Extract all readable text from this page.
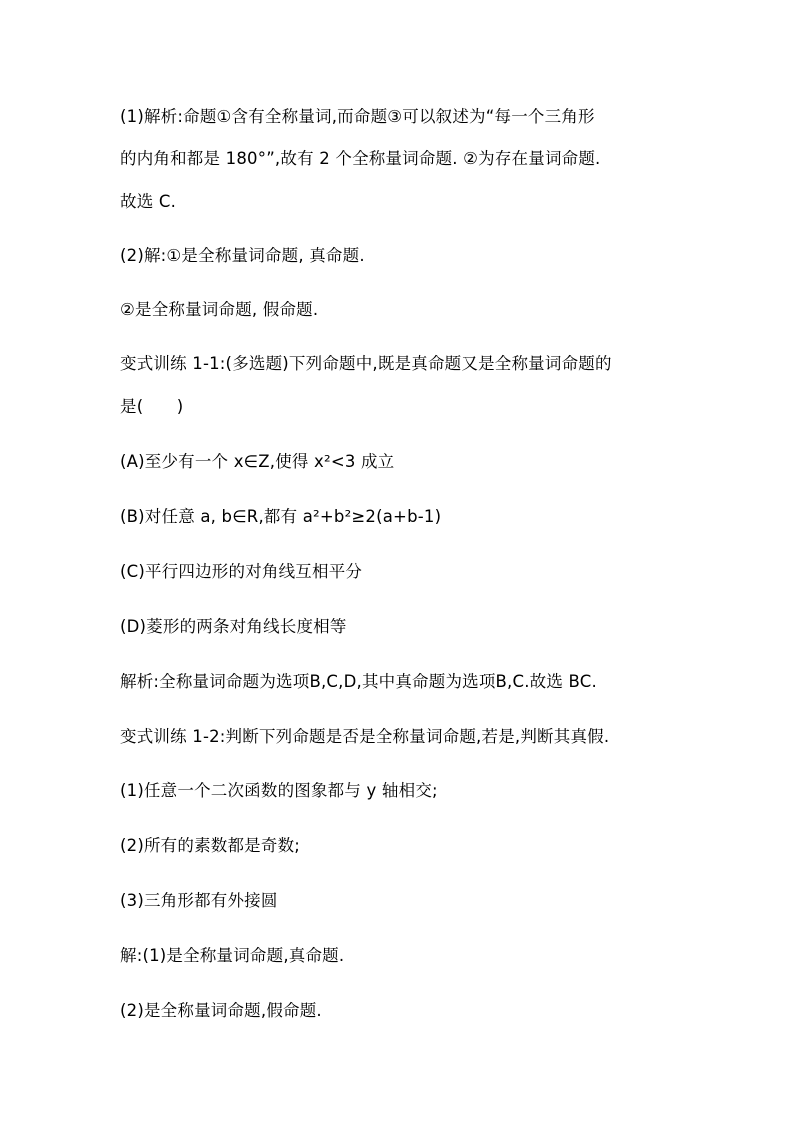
(1)解析:命题①含有全称量词,而命题③可以叙述为“每一个三角形
的内角和都是 180°”,故有 2 个全称量词命题. ②为存在量词命题.
故选 C.
(2)解:①是全称量词命题, 真命题.
②是全称量词命题, 假命题.
变式训练 1-1:(多选题)下列命题中,既是真命题又是全称量词命题的
是(　　)
(A)至少有一个 x∈Z,使得 x²<3 成立
(B)对任意 a, b∈R,都有 a²+b²≥2(a+b-1)
(C)平行四边形的对角线互相平分
(D)菱形的两条对角线长度相等
解析:全称量词命题为选项B,C,D,其中真命题为选项B,C.故选 BC.
变式训练 1-2:判断下列命题是否是全称量词命题,若是,判断其真假.
(1)任意一个二次函数的图象都与 y 轴相交;
(2)所有的素数都是奇数;
(3)三角形都有外接圆
解:(1)是全称量词命题,真命题.
(2)是全称量词命题,假命题.
